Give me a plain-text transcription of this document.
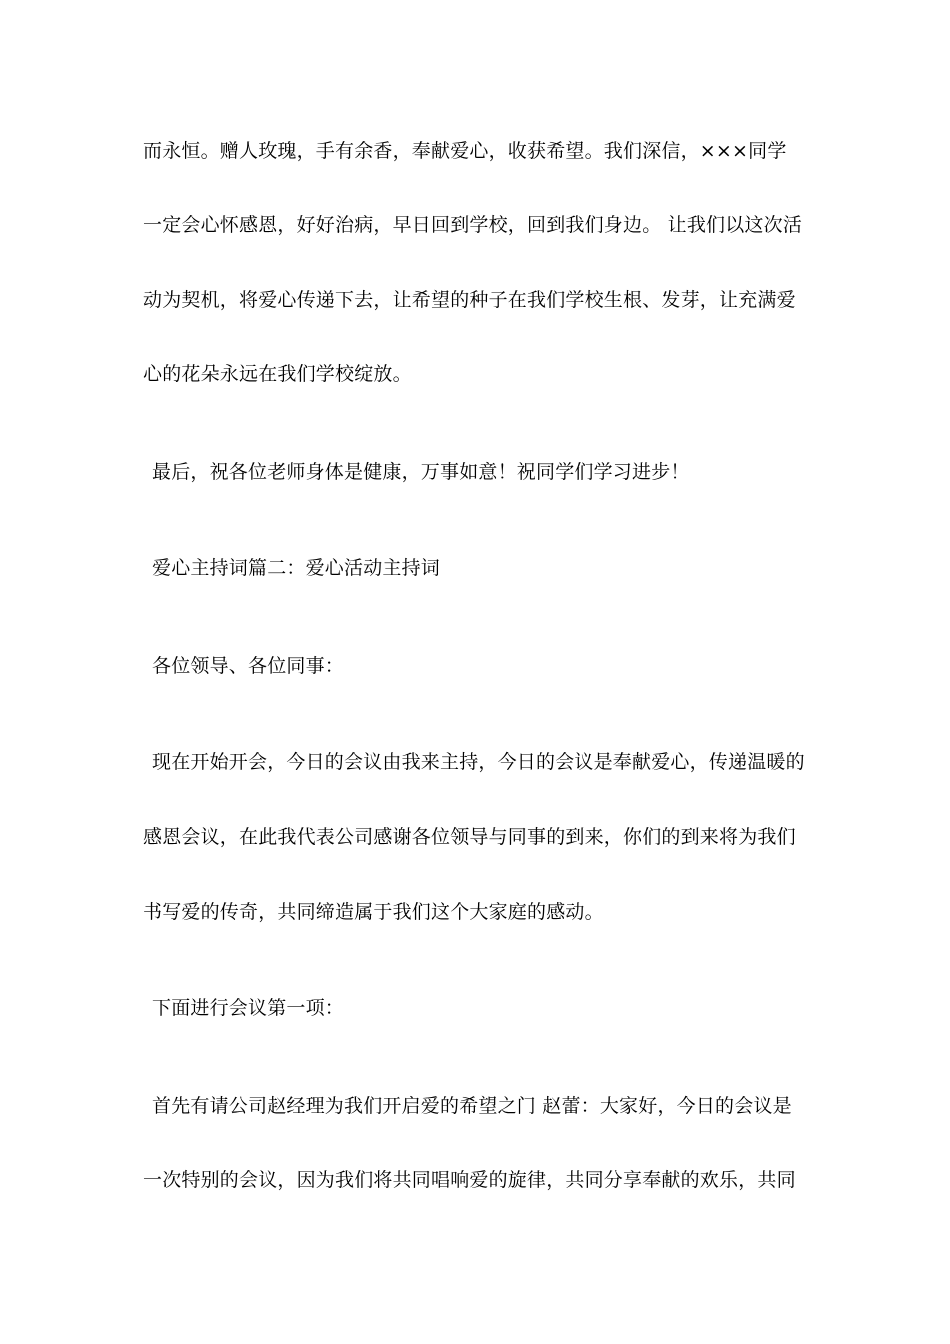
而永恒。赠人玫瑰，手有余香，奉献爱心，收获希望。我们深信，×××同学
一定会心怀感恩，好好治病，早日回到学校，回到我们身边。 让我们以这次活
动为契机，将爱心传递下去，让希望的种子在我们学校生根、发芽，让充满爱
心的花朵永远在我们学校绽放。
最后，祝各位老师身体是健康，万事如意！祝同学们学习进步！
爱心主持词篇二：爱心活动主持词
各位领导、各位同事：
现在开始开会，今日的会议由我来主持，今日的会议是奉献爱心，传递温暖的
感恩会议，在此我代表公司感谢各位领导与同事的到来，你们的到来将为我们
书写爱的传奇，共同缔造属于我们这个大家庭的感动。
下面进行会议第一项：
首先有请公司赵经理为我们开启爱的希望之门 赵蕾：大家好，今日的会议是
一次特别的会议，因为我们将共同唱响爱的旋律，共同分享奉献的欢乐，共同
